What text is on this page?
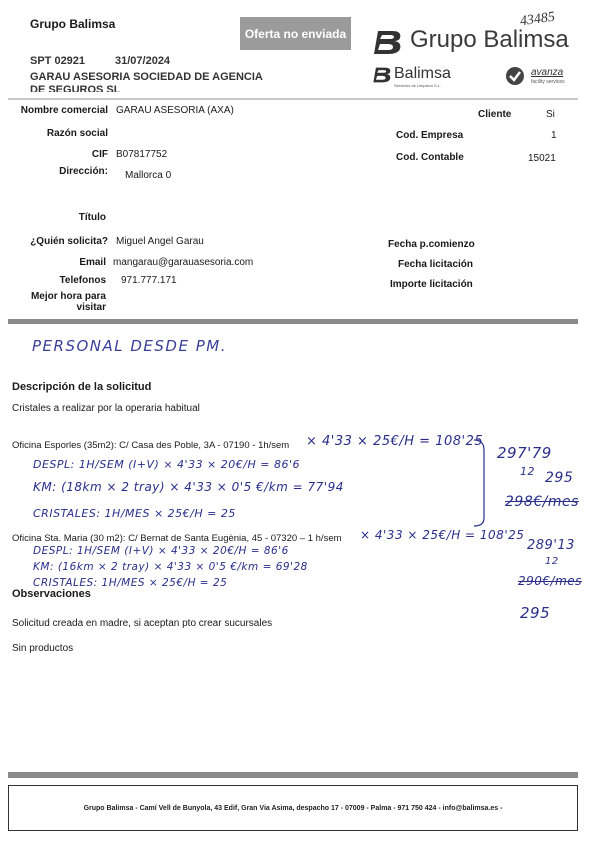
Grupo Balimsa
Oferta no enviada
SPT 02921	31/07/2024
GARAU ASESORIA SOCIEDAD DE AGENCIA
DE SEGUROS SL
Grupo Balimsa
Balimsa
Servicios de Limpieza S.L.
avanza
facility services
43485
Nombre comercial GARAU ASESORIA (AXA)
Razón social
CIF B07817752
Dirección: Mallorca 0
Título
¿Quién solicita? Miguel Angel Garau
Email mangarau@garauasesoria.com
Telefonos 971.777.171
Mejor hora para
visitar
Cliente	Si
Cod. Empresa	1
Cod. Contable	15021
Fecha p.comienzo
Fecha licitación
Importe licitación
PERSONAL DESDE PM.
Descripción de la solicitud
Cristales a realizar por la operaria habitual
Oficina Esporles (35m2): C/ Casa des Poble, 3A - 07190 - 1h/sem × 4'33 × 25€/H = 108'25
DESPL: 1H/SEM (I+V) × 4'33 × 20€/H = 86'6
KM: (18km × 2 tray) × 4'33 × 0'5 €/km = 77'94
CRISTALES: 1H/MES × 25€/H = 25
297'79
12 295
298€/mes
Oficina Sta. Maria (30 m2): C/ Bernat de Santa Eugènia, 45 - 07320 – 1 h/sem × 4'33 × 25€/H = 108'25
DESPL: 1H/SEM (I+V) × 4'33 × 20€/H = 86'6
KM: (16km × 2 tray) × 4'33 × 0'5 €/km = 69'28
CRISTALES: 1H/MES × 25€/H = 25
289'13
12
290€/mes
295
Observaciones
Solicitud creada en madre, si aceptan pto crear sucursales
Sin productos
Grupo Balimsa - Camí Vell de Bunyola, 43 Edif, Gran Via Asima, despacho 17 - 07009 - Palma - 971 750 424 - info@balimsa.es -
